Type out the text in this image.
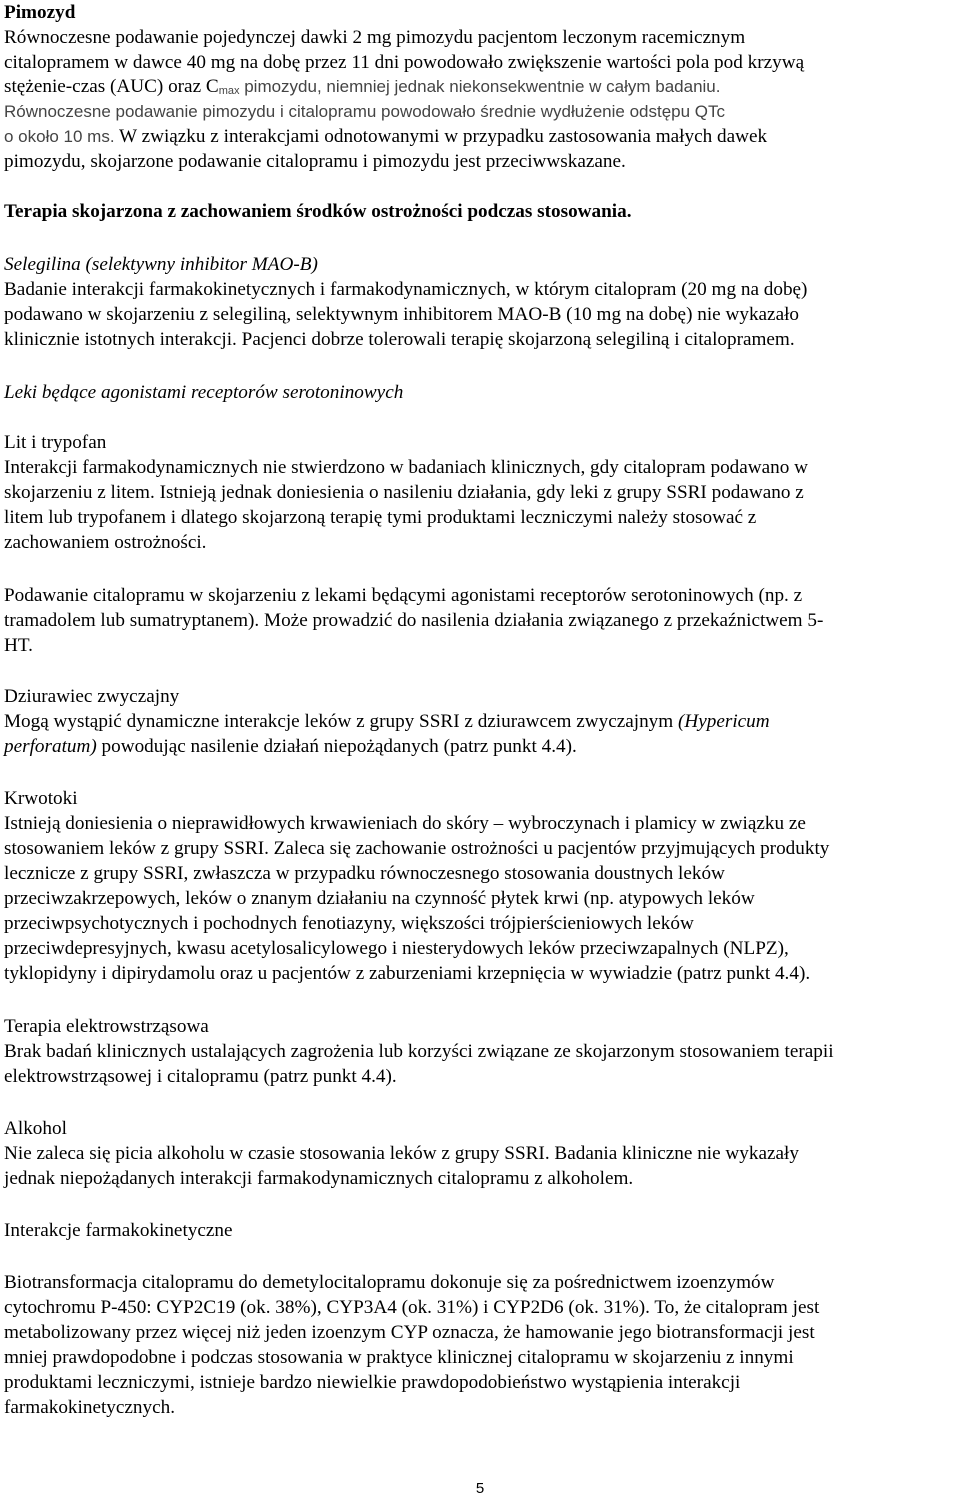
Pimozyd
Równoczesne podawanie pojedynczej dawki 2 mg pimozydu pacjentom leczonym racemicznym
citalopramem w dawce 40 mg na dobę przez 11 dni powodowało zwiększenie wartości pola pod krzywą
stężenie-czas (AUC) oraz Cmax pimozydu, niemniej jednak niekonsekwentnie w całym badaniu.
Równoczesne podawanie pimozydu i citalopramu powodowało średnie wydłużenie odstępu QTc
o około 10 ms. W związku z interakcjami odnotowanymi w przypadku zastosowania małych dawek
pimozydu, skojarzone podawanie citalopramu i pimozydu jest przeciwwskazane.
Terapia skojarzona z zachowaniem środków ostrożności podczas stosowania.
Selegilina (selektywny inhibitor MAO-B)
Badanie interakcji farmakokinetycznych i farmakodynamicznych, w którym citalopram (20 mg na dobę)
podawano w skojarzeniu z selegiliną, selektywnym inhibitorem MAO-B (10 mg na dobę) nie wykazało
klinicznie istotnych interakcji. Pacjenci dobrze tolerowali terapię skojarzoną selegiliną i citalopramem.
Leki będące agonistami receptorów serotoninowych
Lit i trypofan
Interakcji farmakodynamicznych nie stwierdzono w badaniach klinicznych, gdy citalopram podawano w
skojarzeniu z litem. Istnieją jednak doniesienia o nasileniu działania, gdy leki z grupy SSRI podawano z
litem lub trypofanem i dlatego skojarzoną terapię tymi produktami leczniczymi należy stosować z
zachowaniem ostrożności.
Podawanie citalopramu w skojarzeniu z lekami będącymi agonistami receptorów serotoninowych (np. z
tramadolem lub sumatryptanem). Może prowadzić do nasilenia działania związanego z przekaźnictwem 5-
HT.
Dziurawiec zwyczajny
Mogą wystąpić dynamiczne interakcje leków z grupy SSRI z dziurawcem zwyczajnym (Hypericum
perforatum) powodując nasilenie działań niepożądanych (patrz punkt 4.4).
Krwotoki
Istnieją doniesienia o nieprawidłowych krwawieniach do skóry – wybroczynach i plamicy w związku ze
stosowaniem leków z grupy SSRI. Zaleca się zachowanie ostrożności u pacjentów przyjmujących produkty
lecznicze z grupy SSRI, zwłaszcza w przypadku równoczesnego stosowania doustnych leków
przeciwzakrzepowych, leków o znanym działaniu na czynność płytek krwi (np. atypowych leków
przeciwpsychotycznych i pochodnych fenotiazyny, większości trójpierścieniowych leków
przeciwdepresyjnych, kwasu acetylosalicylowego i niesterydowych leków przeciwzapalnych (NLPZ),
tyklopidyny i dipirydamolu oraz u pacjentów z zaburzeniami krzepnięcia w wywiadzie (patrz punkt 4.4).
Terapia elektrowstrząsowa
Brak badań klinicznych ustalających zagrożenia lub korzyści związane ze skojarzonym stosowaniem terapii
elektrowstrząsowej i citalopramu (patrz punkt 4.4).
Alkohol
Nie zaleca się picia alkoholu w czasie stosowania leków z grupy SSRI. Badania kliniczne nie wykazały
jednak niepożądanych interakcji farmakodynamicznych citalopramu z alkoholem.
Interakcje farmakokinetyczne
Biotransformacja citalopramu do demetylocitalopramu dokonuje się za pośrednictwem izoenzymów
cytochromu P-450: CYP2C19 (ok. 38%), CYP3A4 (ok. 31%) i CYP2D6 (ok. 31%). To, że citalopram jest
metabolizowany przez więcej niż jeden izoenzym CYP oznacza, że hamowanie jego biotransformacji jest
mniej prawdopodobne i podczas stosowania w praktyce klinicznej citalopramu w skojarzeniu z innymi
produktami leczniczymi, istnieje bardzo niewielkie prawdopodobieństwo wystąpienia interakcji
farmakokinetycznych.
5
